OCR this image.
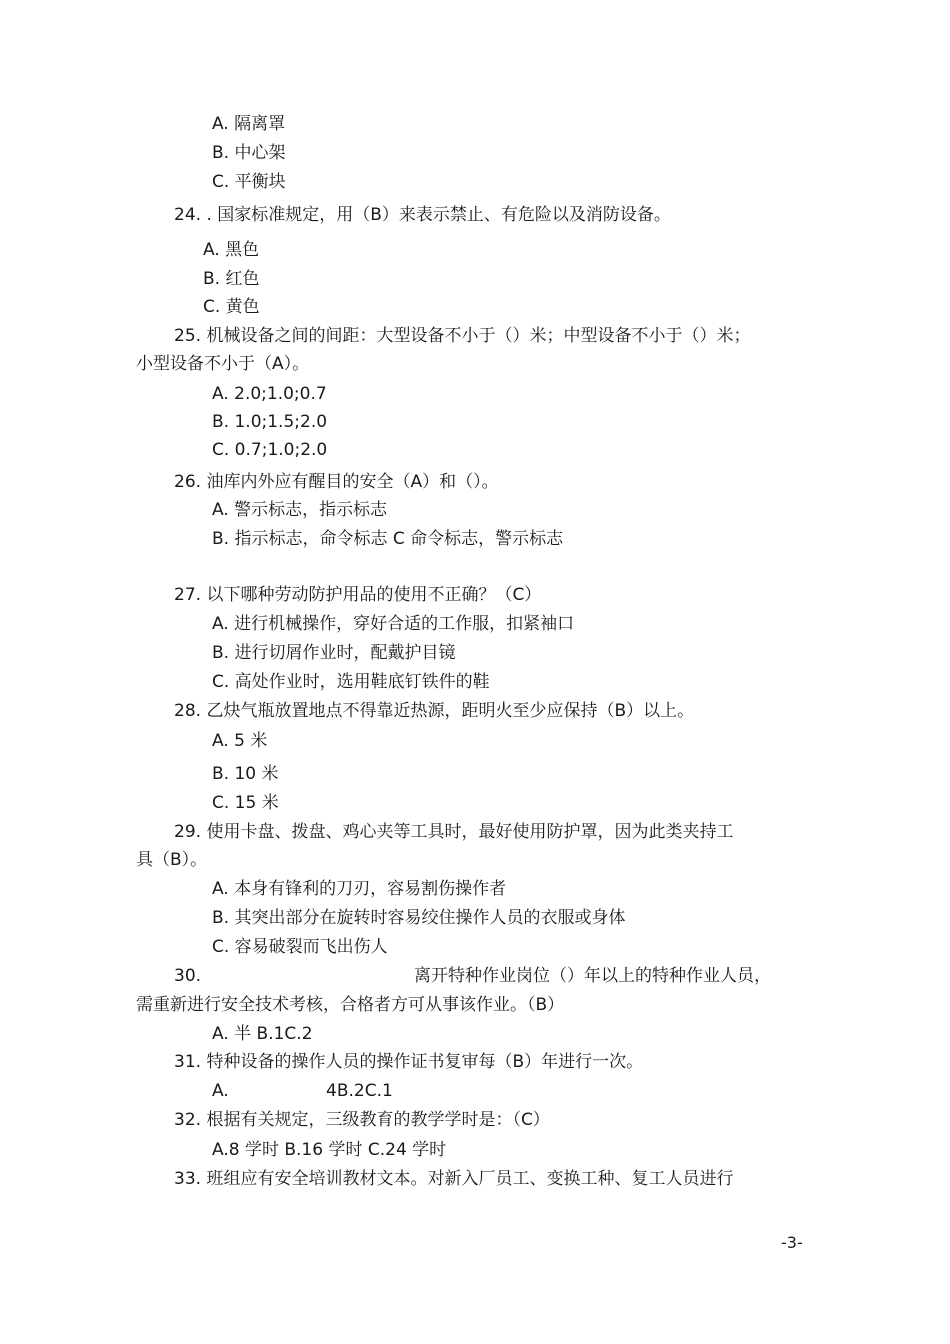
A. 隔离罩
B. 中心架
C. 平衡块
24. . 国家标准规定，用（B）来表示禁止、有危险以及消防设备。
A. 黑色
B. 红色
C. 黄色
25. 机械设备之间的间距：大型设备不小于（）米；中型设备不小于（）米；
小型设备不小于（A）。
A. 2.0;1.0;0.7
B. 1.0;1.5;2.0
C. 0.7;1.0;2.0
26. 油库内外应有醒目的安全（A）和（）。
A. 警示标志，指示标志
B. 指示标志，命令标志 C 命令标志，警示标志
27. 以下哪种劳动防护用品的使用不正确？（C）
A. 进行机械操作，穿好合适的工作服，扣紧袖口
B. 进行切屑作业时，配戴护目镜
C. 高处作业时，选用鞋底钉铁件的鞋
28. 乙炔气瓶放置地点不得靠近热源，距明火至少应保持（B）以上。
A. 5 米
B. 10 米
C. 15 米
29. 使用卡盘、拨盘、鸡心夹等工具时，最好使用防护罩，因为此类夹持工
具（B）。
A. 本身有锋利的刀刃，容易割伤操作者
B. 其突出部分在旋转时容易绞住操作人员的衣服或身体
C. 容易破裂而飞出伤人
30.	离开特种作业岗位（）年以上的特种作业人员，
需重新进行安全技术考核，合格者方可从事该作业。（B）
A. 半 B.1C.2
31. 特种设备的操作人员的操作证书复审每（B）年进行一次。
A.	4B.2C.1
32. 根据有关规定，三级教育的教学学时是：（C）
A.8 学时 B.16 学时 C.24 学时
33. 班组应有安全培训教材文本。对新入厂员工、变换工种、复工人员进行
-3-
